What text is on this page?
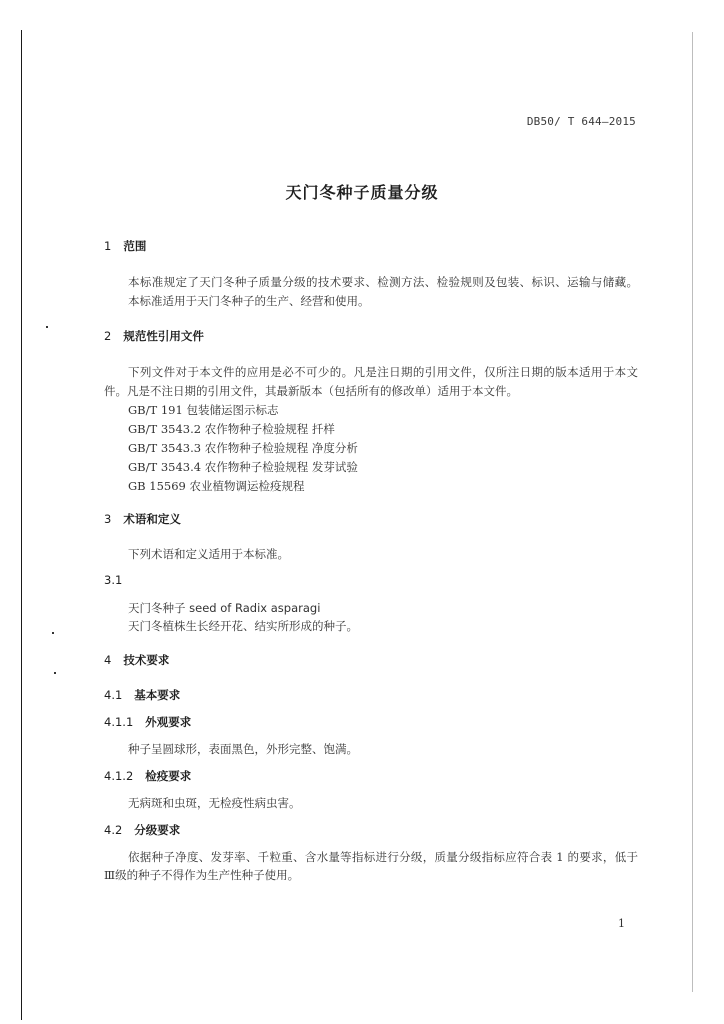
DB50/ T 644—2015
天门冬种子质量分级
1 范围
本标准规定了天门冬种子质量分级的技术要求、检测方法、检验规则及包装、标识、运输与储藏。
本标准适用于天门冬种子的生产、经营和使用。
2 规范性引用文件
下列文件对于本文件的应用是必不可少的。凡是注日期的引用文件，仅所注日期的版本适用于本文
件。凡是不注日期的引用文件，其最新版本（包括所有的修改单）适用于本文件。
GB/T 191 包装储运图示标志
GB/T 3543.2 农作物种子检验规程 扦样
GB/T 3543.3 农作物种子检验规程 净度分析
GB/T 3543.4 农作物种子检验规程 发芽试验
GB 15569 农业植物调运检疫规程
3 术语和定义
下列术语和定义适用于本标准。
3.1
天门冬种子 seed of Radix asparagi
天门冬植株生长经开花、结实所形成的种子。
4 技术要求
4.1 基本要求
4.1.1 外观要求
种子呈圆球形，表面黑色，外形完整、饱满。
4.1.2 检疫要求
无病斑和虫斑，无检疫性病虫害。
4.2 分级要求
依据种子净度、发芽率、千粒重、含水量等指标进行分级，质量分级指标应符合表 1 的要求，低于
Ⅲ级的种子不得作为生产性种子使用。
1
